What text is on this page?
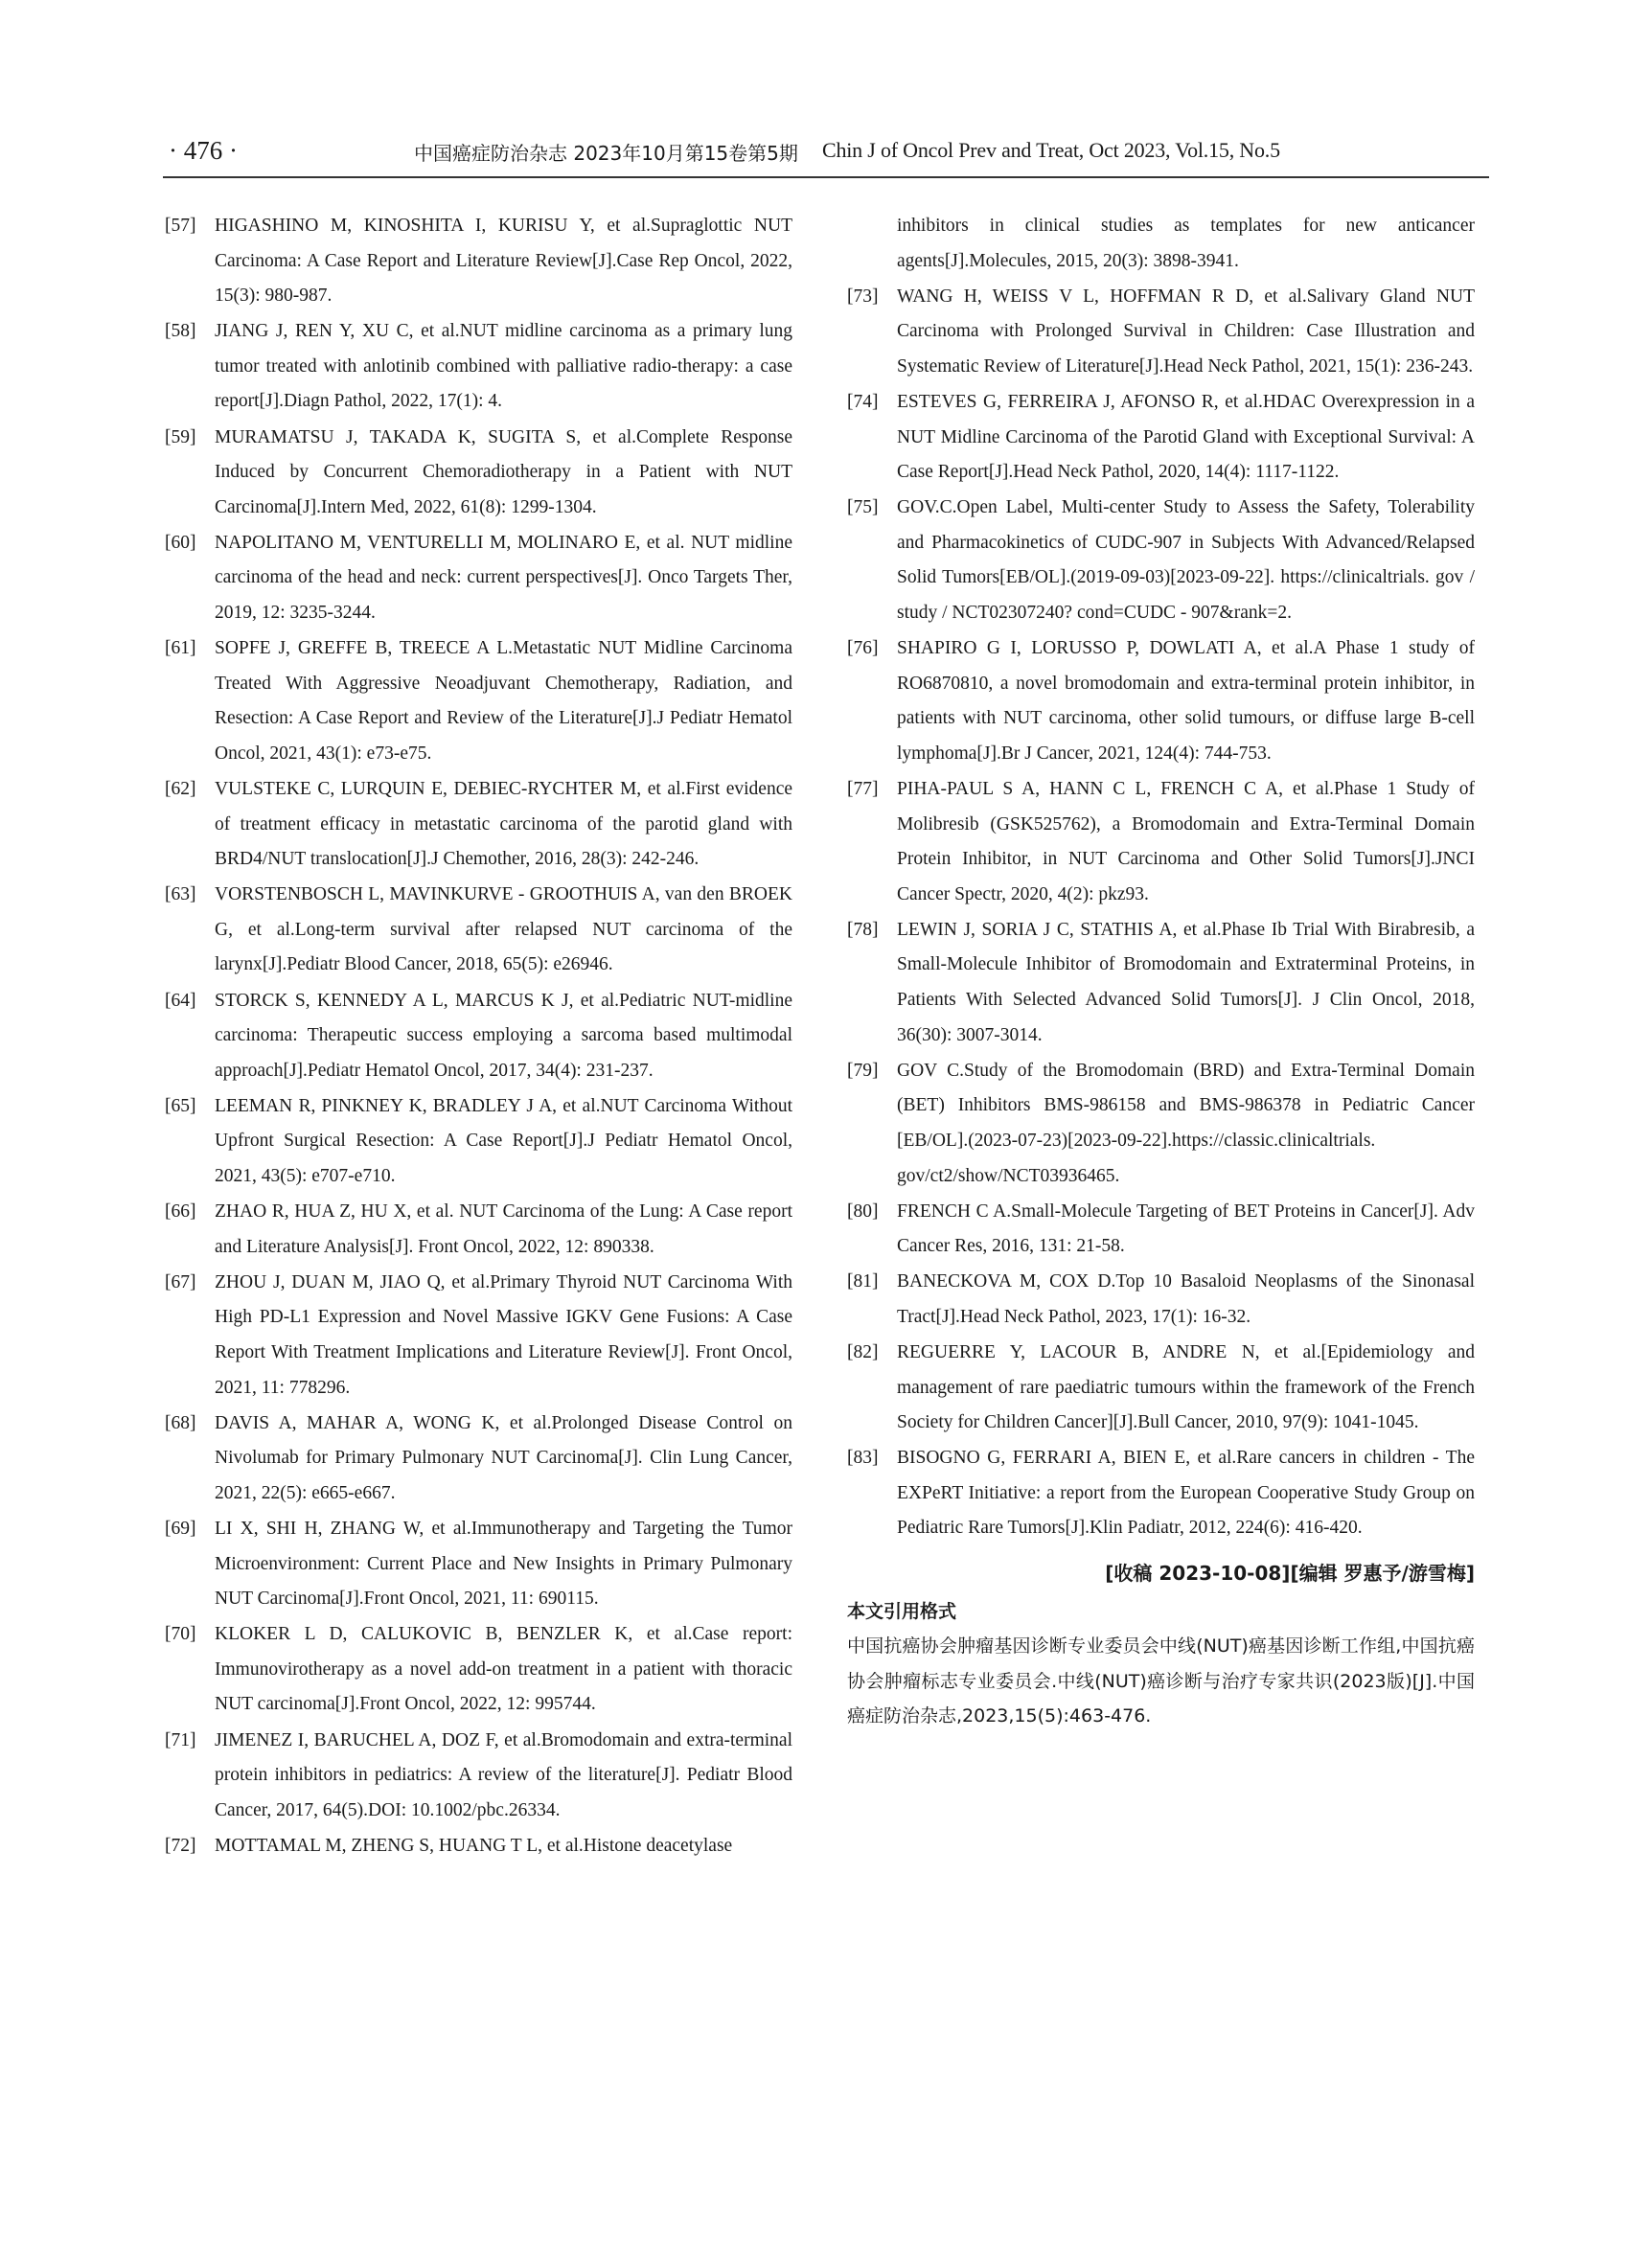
· 476 ·	中国癌症防治杂志 2023年10月第15卷第5期 Chin J of Oncol Prev and Treat, Oct 2023, Vol.15, No.5
[57] HIGASHINO M, KINOSHITA I, KURISU Y, et al.Supraglottic NUT Carcinoma: A Case Report and Literature Review[J].Case Rep Oncol, 2022, 15(3): 980-987.
[58] JIANG J, REN Y, XU C, et al.NUT midline carcinoma as a primary lung tumor treated with anlotinib combined with palliative radio-therapy: a case report[J].Diagn Pathol, 2022, 17(1): 4.
[59] MURAMATSU J, TAKADA K, SUGITA S, et al.Complete Response Induced by Concurrent Chemoradiotherapy in a Patient with NUT Carcinoma[J].Intern Med, 2022, 61(8): 1299-1304.
[60] NAPOLITANO M, VENTURELLI M, MOLINARO E, et al. NUT midline carcinoma of the head and neck: current perspectives[J]. Onco Targets Ther, 2019, 12: 3235-3244.
[61] SOPFE J, GREFFE B, TREECE A L.Metastatic NUT Midline Carcinoma Treated With Aggressive Neoadjuvant Chemotherapy, Radiation, and Resection: A Case Report and Review of the Literature[J].J Pediatr Hematol Oncol, 2021, 43(1): e73-e75.
[62] VULSTEKE C, LURQUIN E, DEBIEC-RYCHTER M, et al.First evidence of treatment efficacy in metastatic carcinoma of the parotid gland with BRD4/NUT translocation[J].J Chemother, 2016, 28(3): 242-246.
[63] VORSTENBOSCH L, MAVINKURVE - GROOTHUIS A, van den BROEK G, et al.Long-term survival after relapsed NUT carcinoma of the larynx[J].Pediatr Blood Cancer, 2018, 65(5): e26946.
[64] STORCK S, KENNEDY A L, MARCUS K J, et al.Pediatric NUT-midline carcinoma: Therapeutic success employing a sarcoma based multimodal approach[J].Pediatr Hematol Oncol, 2017, 34(4): 231-237.
[65] LEEMAN R, PINKNEY K, BRADLEY J A, et al.NUT Carcinoma Without Upfront Surgical Resection: A Case Report[J].J Pediatr Hematol Oncol, 2021, 43(5): e707-e710.
[66] ZHAO R, HUA Z, HU X, et al. NUT Carcinoma of the Lung: A Case report and Literature Analysis[J]. Front Oncol, 2022, 12: 890338.
[67] ZHOU J, DUAN M, JIAO Q, et al.Primary Thyroid NUT Carcinoma With High PD-L1 Expression and Novel Massive IGKV Gene Fusions: A Case Report With Treatment Implications and Literature Review[J]. Front Oncol, 2021, 11: 778296.
[68] DAVIS A, MAHAR A, WONG K, et al.Prolonged Disease Control on Nivolumab for Primary Pulmonary NUT Carcinoma[J]. Clin Lung Cancer, 2021, 22(5): e665-e667.
[69] LI X, SHI H, ZHANG W, et al.Immunotherapy and Targeting the Tumor Microenvironment: Current Place and New Insights in Primary Pulmonary NUT Carcinoma[J].Front Oncol, 2021, 11: 690115.
[70] KLOKER L D, CALUKOVIC B, BENZLER K, et al.Case report: Immunovirotherapy as a novel add-on treatment in a patient with thoracic NUT carcinoma[J].Front Oncol, 2022, 12: 995744.
[71] JIMENEZ I, BARUCHEL A, DOZ F, et al.Bromodomain and extra-terminal protein inhibitors in pediatrics: A review of the literature[J]. Pediatr Blood Cancer, 2017, 64(5).DOI: 10.1002/pbc.26334.
[72] MOTTAMAL M, ZHENG S, HUANG T L, et al.Histone deacetylase
inhibitors in clinical studies as templates for new anticancer agents[J].Molecules, 2015, 20(3): 3898-3941.
[73] WANG H, WEISS V L, HOFFMAN R D, et al.Salivary Gland NUT Carcinoma with Prolonged Survival in Children: Case Illustration and Systematic Review of Literature[J].Head Neck Pathol, 2021, 15(1): 236-243.
[74] ESTEVES G, FERREIRA J, AFONSO R, et al.HDAC Overexpression in a NUT Midline Carcinoma of the Parotid Gland with Exceptional Survival: A Case Report[J].Head Neck Pathol, 2020, 14(4): 1117-1122.
[75] GOV.C.Open Label, Multi-center Study to Assess the Safety, Tolerability and Pharmacokinetics of CUDC-907 in Subjects With Advanced/Relapsed Solid Tumors[EB/OL].(2019-09-03)[2023-09-22]. https://clinicaltrials. gov / study / NCT02307240? cond=CUDC - 907&rank=2.
[76] SHAPIRO G I, LORUSSO P, DOWLATI A, et al.A Phase 1 study of RO6870810, a novel bromodomain and extra-terminal protein inhibitor, in patients with NUT carcinoma, other solid tumours, or diffuse large B-cell lymphoma[J].Br J Cancer, 2021, 124(4): 744-753.
[77] PIHA-PAUL S A, HANN C L, FRENCH C A, et al.Phase 1 Study of Molibresib (GSK525762), a Bromodomain and Extra-Terminal Domain Protein Inhibitor, in NUT Carcinoma and Other Solid Tumors[J].JNCI Cancer Spectr, 2020, 4(2): pkz93.
[78] LEWIN J, SORIA J C, STATHIS A, et al.Phase Ib Trial With Birabresib, a Small-Molecule Inhibitor of Bromodomain and Extraterminal Proteins, in Patients With Selected Advanced Solid Tumors[J]. J Clin Oncol, 2018, 36(30): 3007-3014.
[79] GOV C.Study of the Bromodomain (BRD) and Extra-Terminal Domain (BET) Inhibitors BMS-986158 and BMS-986378 in Pediatric Cancer [EB/OL].(2023-07-23)[2023-09-22].https://classic.clinicaltrials. gov/ct2/show/NCT03936465.
[80] FRENCH C A.Small-Molecule Targeting of BET Proteins in Cancer[J]. Adv Cancer Res, 2016, 131: 21-58.
[81] BANECKOVA M, COX D.Top 10 Basaloid Neoplasms of the Sinonasal Tract[J].Head Neck Pathol, 2023, 17(1): 16-32.
[82] REGUERRE Y, LACOUR B, ANDRE N, et al.[Epidemiology and management of rare paediatric tumours within the framework of the French Society for Children Cancer][J].Bull Cancer, 2010, 97(9): 1041-1045.
[83] BISOGNO G, FERRARI A, BIEN E, et al.Rare cancers in children - The EXPeRT Initiative: a report from the European Cooperative Study Group on Pediatric Rare Tumors[J].Klin Padiatr, 2012, 224(6): 416-420.
[收稿 2023-10-08][编辑 罗惠予/游雪梅]
本文引用格式
中国抗癌协会肿瘤基因诊断专业委员会中线(NUT)癌基因诊断工作组,中国抗癌协会肿瘤标志专业委员会.中线(NUT)癌诊断与治疗专家共识(2023版)[J].中国癌症防治杂志,2023,15(5):463-476.
